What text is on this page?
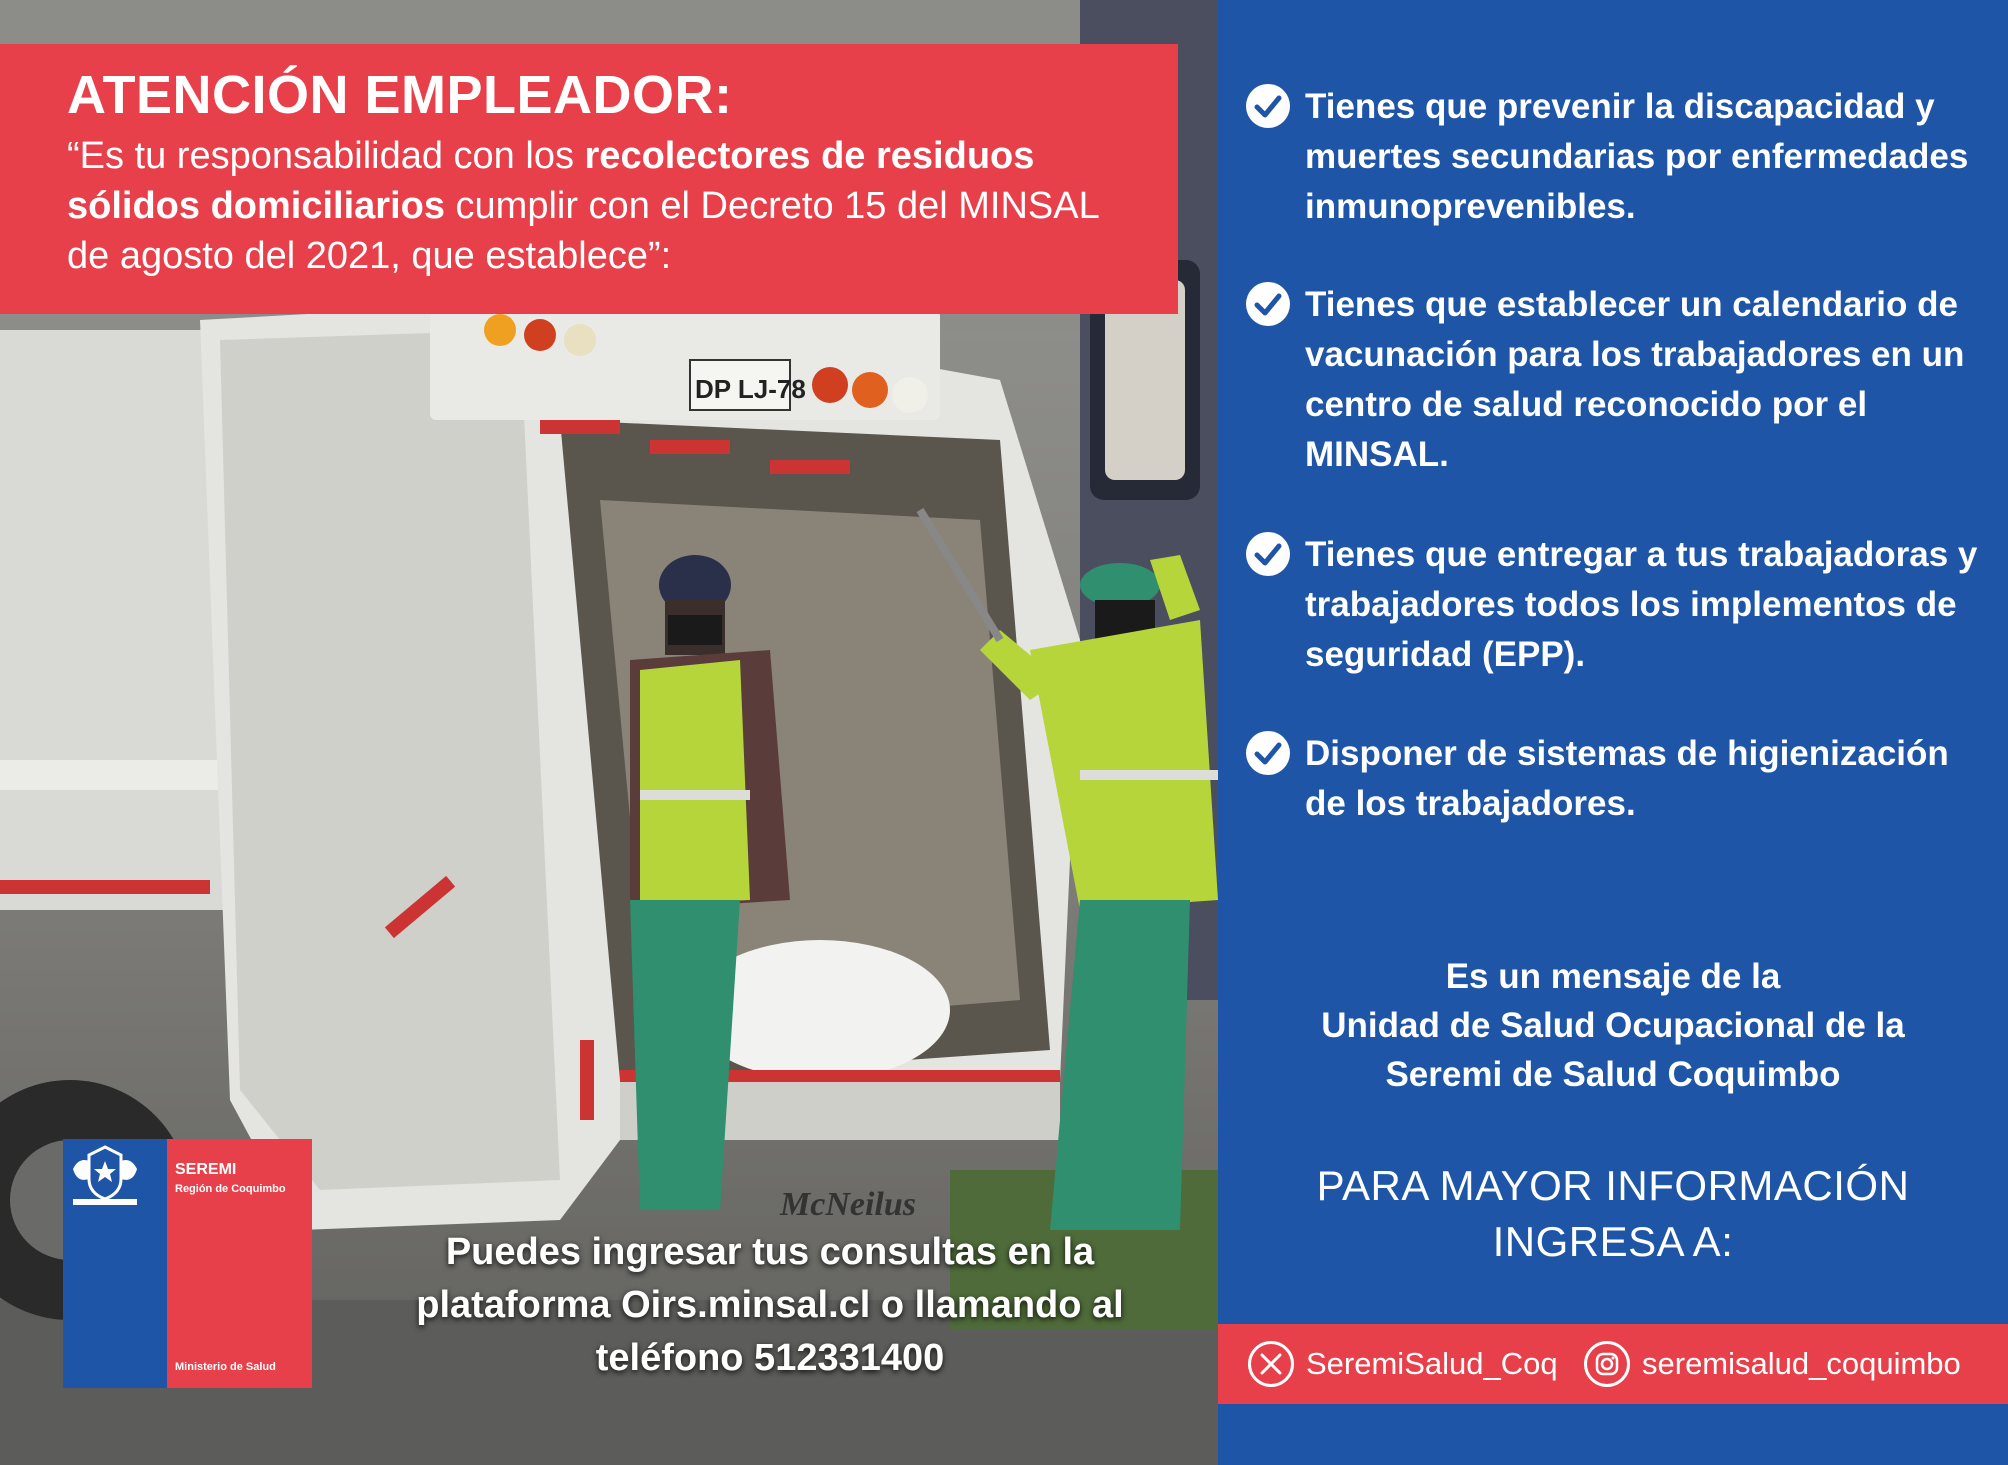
DP LJ-78
McNeilus

ATENCIÓN EMPLEADOR:

“Es tu responsabilidad con los recolectores de residuos sólidos domiciliarios cumplir con el Decreto 15 del MINSAL de agosto del 2021, que establece”:
SEREMI
Región de Coquimbo
Ministerio de Salud
Puedes ingresar tus consultas en la plataforma Oirs.minsal.cl o llamando al teléfono 512331400
Tienes que prevenir la discapacidad y muertes secundarias por enfermedades inmunoprevenibles.
Tienes que establecer un calendario de vacunación para los trabajadores en un centro de salud reconocido por el MINSAL.
Tienes que entregar a tus trabajadoras y trabajadores todos los implementos de seguridad (EPP).
Disponer de sistemas de higienización de los trabajadores.
Es un mensaje de la
Unidad de Salud Ocupacional de la
Seremi de Salud Coquimbo
PARA MAYOR INFORMACIÓN
INGRESA A:
SeremiSalud_Coq	seremisalud_coquimbo
